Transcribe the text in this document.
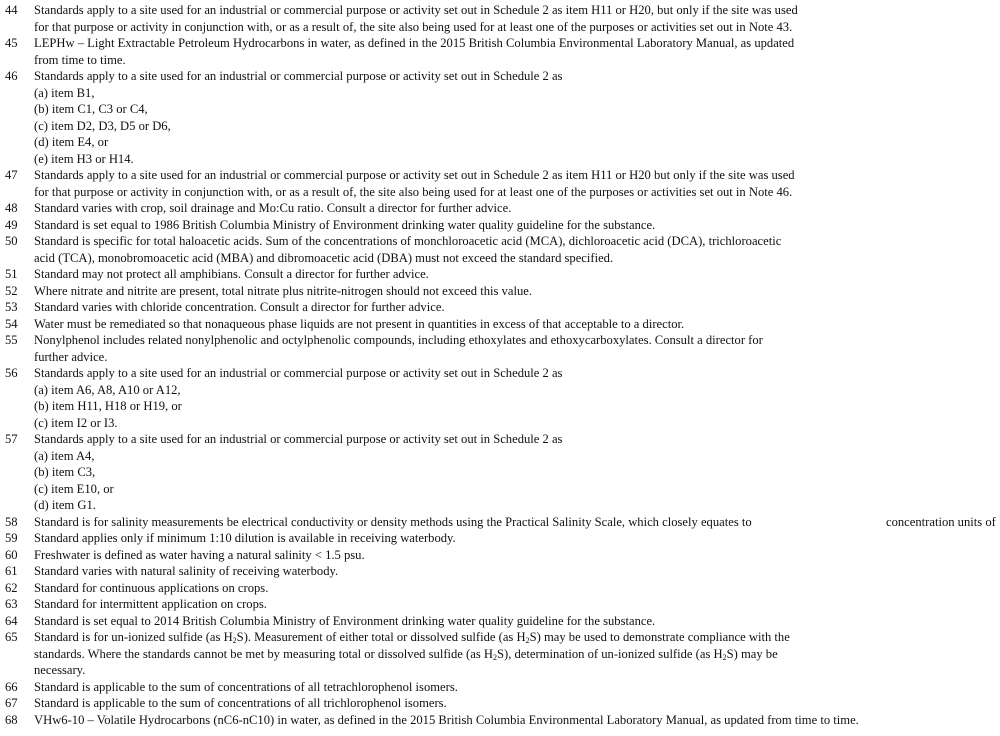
44 Standards apply to a site used for an industrial or commercial purpose or activity set out in Schedule 2 as item H11 or H20, but only if the site was used
for that purpose or activity in conjunction with, or as a result of, the site also being used for at least one of the purposes or activities set out in Note 43.
45 LEPHw – Light Extractable Petroleum Hydrocarbons in water, as defined in the 2015 British Columbia Environmental Laboratory Manual, as updated
from time to time.
46 Standards apply to a site used for an industrial or commercial purpose or activity set out in Schedule 2 as
(a) item B1,
(b) item C1, C3 or C4,
(c) item D2, D3, D5 or D6,
(d) item E4, or
(e) item H3 or H14.
47 Standards apply to a site used for an industrial or commercial purpose or activity set out in Schedule 2 as item H11 or H20 but only if the site was used
for that purpose or activity in conjunction with, or as a result of, the site also being used for at least one of the purposes or activities set out in Note 46.
48 Standard varies with crop, soil drainage and Mo:Cu ratio. Consult a director for further advice.
49 Standard is set equal to 1986 British Columbia Ministry of Environment drinking water quality guideline for the substance.
50 Standard is specific for total haloacetic acids. Sum of the concentrations of monchloroacetic acid (MCA), dichloroacetic acid (DCA), trichloroacetic
acid (TCA), monobromoacetic acid (MBA) and dibromoacetic acid (DBA) must not exceed the standard specified.
51 Standard may not protect all amphibians. Consult a director for further advice.
52 Where nitrate and nitrite are present, total nitrate plus nitrite-nitrogen should not exceed this value.
53 Standard varies with chloride concentration. Consult a director for further advice.
54 Water must be remediated so that nonaqueous phase liquids are not present in quantities in excess of that acceptable to a director.
55 Nonylphenol includes related nonylphenolic and octylphenolic compounds, including ethoxylates and ethoxycarboxylates. Consult a director for
further advice.
56 Standards apply to a site used for an industrial or commercial purpose or activity set out in Schedule 2 as
(a) item A6, A8, A10 or A12,
(b) item H11, H18 or H19, or
(c) item I2 or I3.
57 Standards apply to a site used for an industrial or commercial purpose or activity set out in Schedule 2 as
(a) item A4,
(b) item C3,
(c) item E10, or
(d) item G1.
58 Standard is for salinity measurements be electrical conductivity or density methods using the Practical Salinity Scale, which closely equates to	concentration units of
59 Standard applies only if minimum 1:10 dilution is available in receiving waterbody.
60 Freshwater is defined as water having a natural salinity < 1.5 psu.
61 Standard varies with natural salinity of receiving waterbody.
62 Standard for continuous applications on crops.
63 Standard for intermittent application on crops.
64 Standard is set equal to 2014 British Columbia Ministry of Environment drinking water quality guideline for the substance.
65 Standard is for un-ionized sulfide (as $H_2S$). Measurement of either total or dissolved sulfide (as $H_2S$) may be used to demonstrate compliance with the
standards. Where the standards cannot be met by measuring total or dissolved sulfide (as $H_2S$), determination of un-ionized sulfide (as $H_2S$) may be
necessary.
66 Standard is applicable to the sum of concentrations of all tetrachlorophenol isomers.
67 Standard is applicable to the sum of concentrations of all trichlorophenol isomers.
68 VHw6-10 – Volatile Hydrocarbons (nC6-nC10) in water, as defined in the 2015 British Columbia Environmental Laboratory Manual, as updated from time to time.
